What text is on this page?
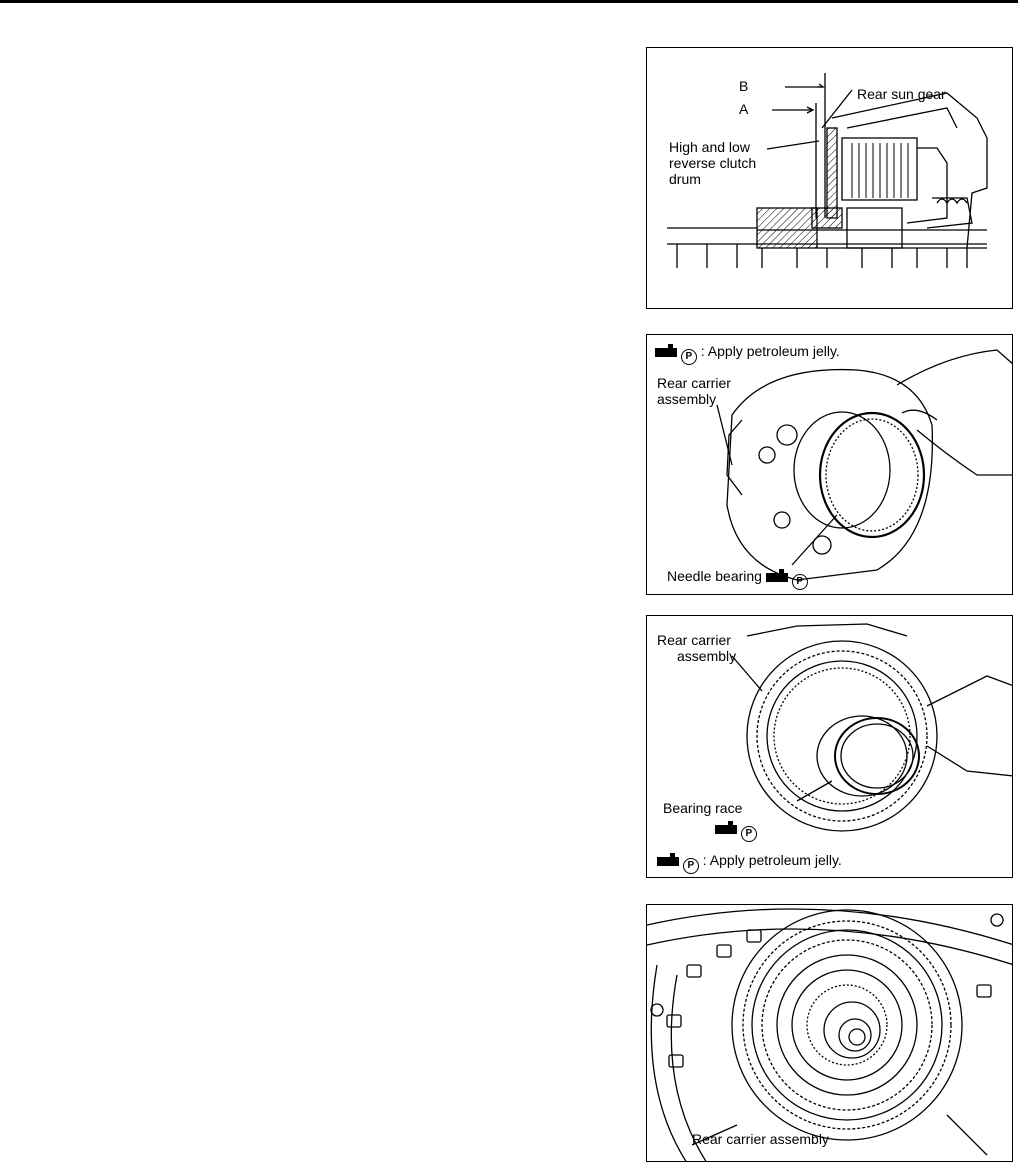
B
A
Rear sun gear
High and low
reverse clutch
drum
P : Apply petroleum jelly.
Rear carrier
assembly
Needle bearing	P
Rear carrier
assembly
Bearing race
P
P : Apply petroleum jelly.
Rear carrier assembly
